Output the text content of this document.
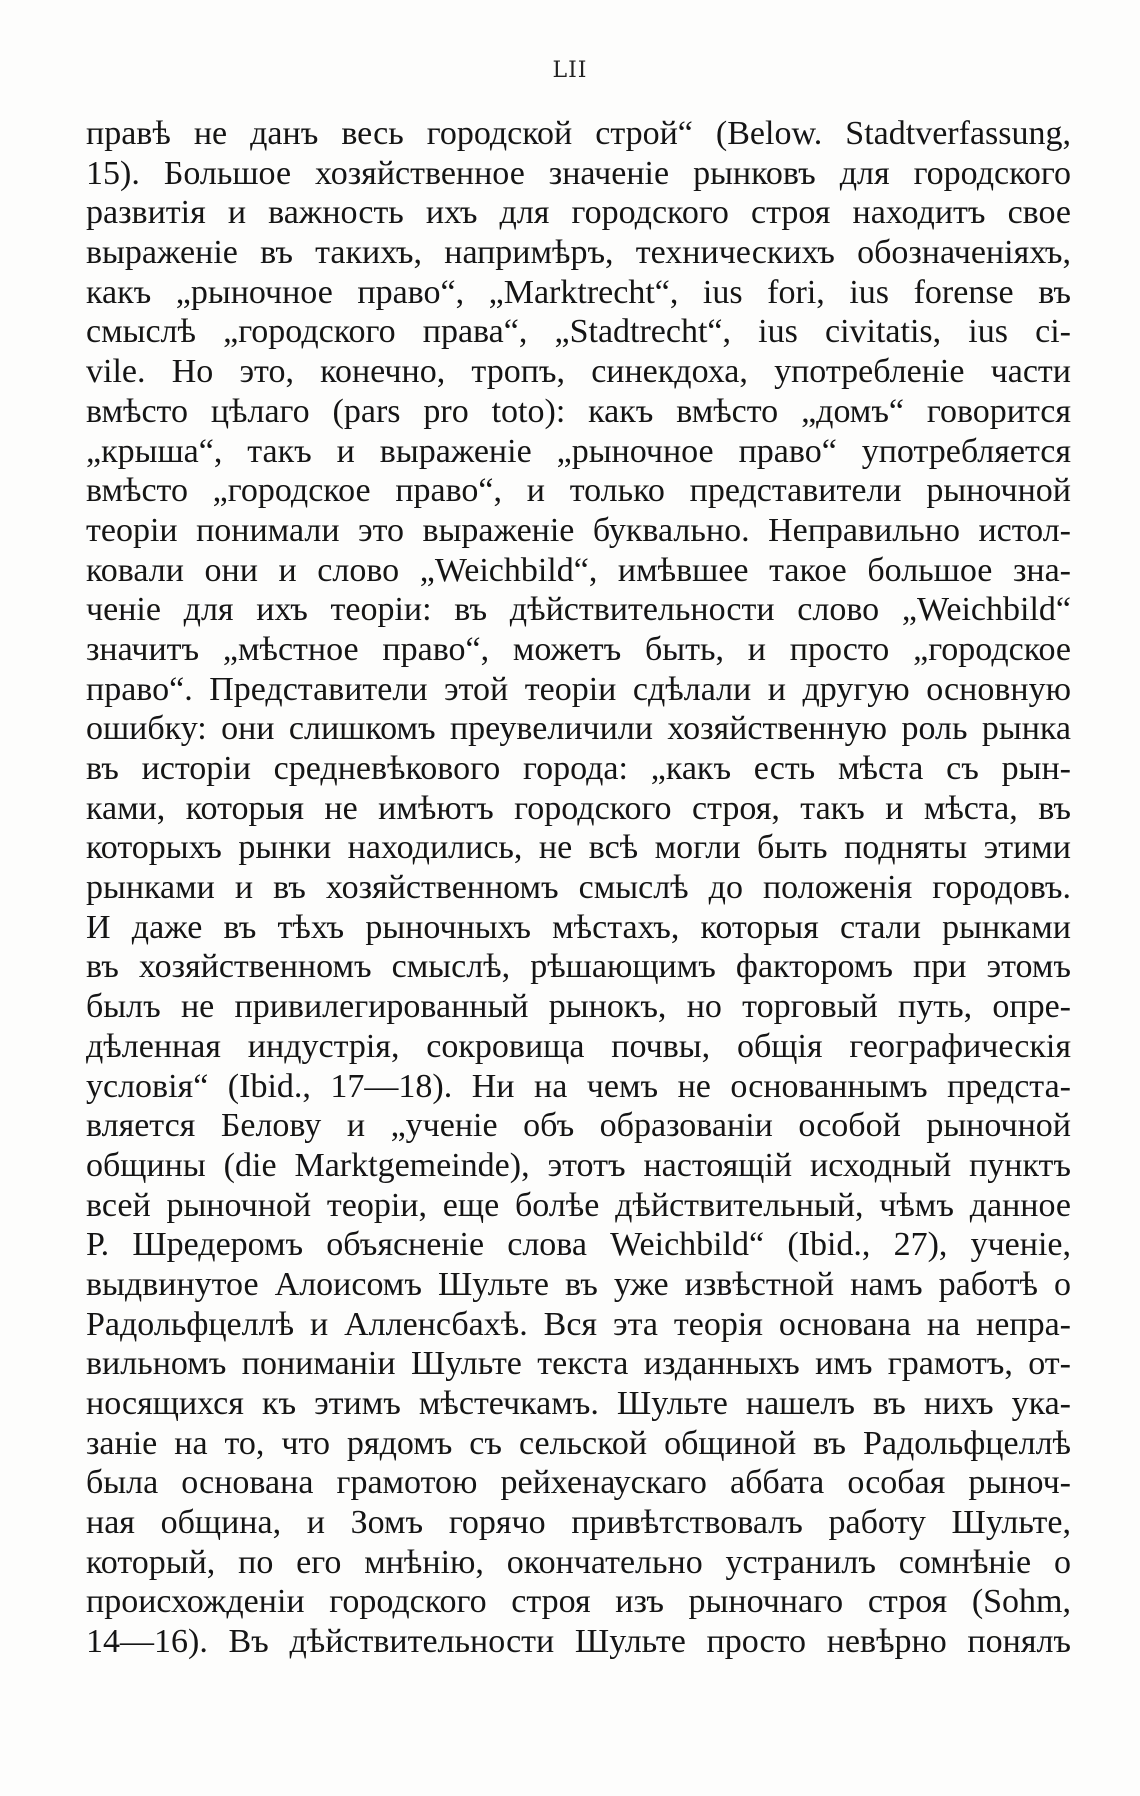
LII
правѣ не данъ весь городской строй“ (Below. Stadtverfassung,
15). Большое хозяйственное значеніе рынковъ для городского
развитія и важность ихъ для городского строя находитъ свое
выраженіе въ такихъ, напримѣръ, техническихъ обозначеніяхъ,
какъ „рыночное право“, „Marktrecht“, ius fori, ius forense въ
смыслѣ „городского права“, „Stadtrecht“, ius civitatis, ius ci-
vile. Но это, конечно, тропъ, синекдоха, употребленіе части
вмѣсто цѣлаго (pars pro toto): какъ вмѣсто „домъ“ говорится
„крыша“, такъ и выраженіе „рыночное право“ употребляется
вмѣсто „городское право“, и только представители рыночной
теоріи понимали это выраженіе буквально. Неправильно истол-
ковали они и слово „Weichbild“, имѣвшее такое большое зна-
ченіе для ихъ теоріи: въ дѣйствительности слово „Weichbild“
значитъ „мѣстное право“, можетъ быть, и просто „городское
право“. Представители этой теоріи сдѣлали и другую основную
ошибку: они слишкомъ преувеличили хозяйственную роль рынка
въ исторіи средневѣкового города: „какъ есть мѣста съ рын-
ками, которыя не имѣютъ городского строя, такъ и мѣста, въ
которыхъ рынки находились, не всѣ могли быть подняты этими
рынками и въ хозяйственномъ смыслѣ до положенія городовъ.
И даже въ тѣхъ рыночныхъ мѣстахъ, которыя стали рынками
въ хозяйственномъ смыслѣ, рѣшающимъ факторомъ при этомъ
былъ не привилегированный рынокъ, но торговый путь, опре-
дѣленная индустрія, сокровища почвы, общія географическія
условія“ (Ibid., 17—18). Ни на чемъ не основаннымъ предста-
вляется Белову и „ученіе объ образованіи особой рыночной
общины (die Marktgemeinde), этотъ настоящій исходный пунктъ
всей рыночной теоріи, еще болѣе дѣйствительный, чѣмъ данное
Р. Шредеромъ объясненіе слова Weichbild“ (Ibid., 27), ученіе,
выдвинутое Алоисомъ Шульте въ уже извѣстной намъ работѣ о
Радольфцеллѣ и Алленсбахѣ. Вся эта теорія основана на непра-
вильномъ пониманіи Шульте текста изданныхъ имъ грамотъ, от-
носящихся къ этимъ мѣстечкамъ. Шульте нашелъ въ нихъ ука-
заніе на то, что рядомъ съ сельской общиной въ Радольфцеллѣ
была основана грамотою рейхенаускаго аббата особая рыноч-
ная община, и Зомъ горячо привѣтствовалъ работу Шульте,
который, по его мнѣнію, окончательно устранилъ сомнѣніе о
происхожденіи городского строя изъ рыночнаго строя (Sohm,
14—16). Въ дѣйствительности Шульте просто невѣрно понялъ
